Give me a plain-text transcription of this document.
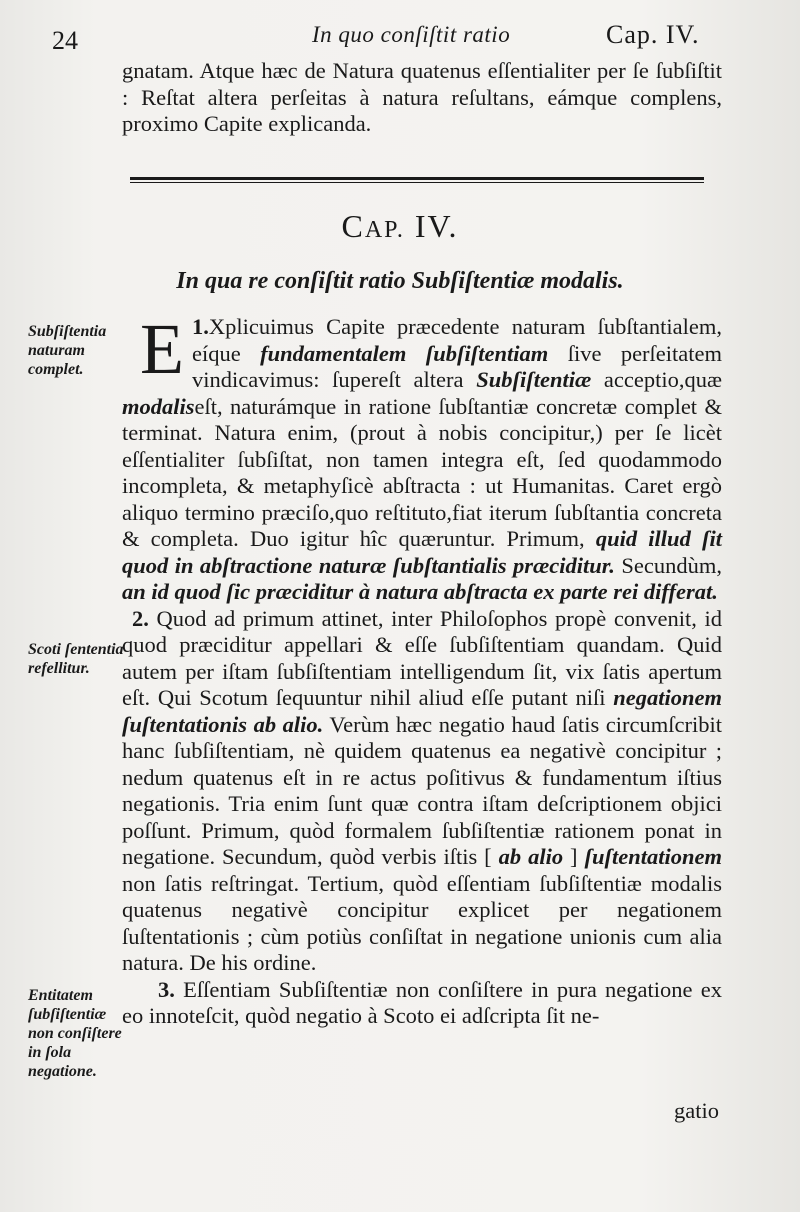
24	In quo conſiſtit ratio	Cap. IV.

gnatam. Atque hæc de Natura quatenus eſſentialiter per ſe ſubſiſtit : Reſtat altera perſeitas à natura reſultans, eámque complens, proximo Capite explicanda.

CAP. IV.
In qua re conſiſtit ratio Subſiſtentiæ modalis.
Subſiſtentia naturam complet.
Scoti ſententia refellitur.
Entitatem ſubſiſtentiæ non conſiſtere in ſola negatione.

1.
E	Xplicuimus Capite præcedente naturam ſubſtantialem, eíque fundamentalem ſubſiſtentiam ſive perſeitatem vindicavimus: ſupereſt altera Subſiſtentiæ acceptio,quæ modaliseſt, naturámque in ratione ſubſtantiæ concretæ complet & terminat. Natura enim, (prout à nobis concipitur,) per ſe licèt eſſentialiter ſubſiſtat, non tamen integra eſt, ſed quodammodo incompleta, & metaphyſicè abſtracta : ut Humanitas. Caret ergò aliquo termino præciſo,quo reſtituto,fiat iterum ſubſtantia concreta & completa. Duo igitur hîc quæruntur. Primum, quid illud ſit quod in abſtractione naturæ ſubſtantialis præciditur. Secundùm, an id quod ſic præciditur à natura abſtracta ex parte rei differat.

2. Quod ad primum attinet, inter Philoſophos propè convenit, id quod præciditur appellari & eſſe ſubſiſtentiam quandam. Quid autem per iſtam ſubſiſtentiam intelligendum ſit, vix ſatis apertum eſt. Qui Scotum ſequuntur nihil aliud eſſe putant niſi negationem ſuſtentationis ab alio. Verùm hæc negatio haud ſatis circumſcribit hanc ſubſiſtentiam, nè quidem quatenus ea negativè concipitur ; nedum quatenus eſt in re actus poſitivus & fundamentum iſtius negationis. Tria enim ſunt quæ contra iſtam deſcriptionem objici poſſunt. Primum, quòd formalem ſubſiſtentiæ rationem ponat in negatione. Secundum, quòd verbis iſtis [ ab alio ] ſuſtentationem non ſatis reſtringat. Tertium, quòd eſſentiam ſubſiſtentiæ modalis quatenus negativè concipitur explicet per negationem ſuſtentationis ; cùm potiùs conſiſtat in negatione unionis cum alia natura. De his ordine.

3. Eſſentiam Subſiſtentiæ non conſiſtere in pura negatione ex eo innoteſcit, quòd negatio à Scoto ei adſcripta ſit ne-

gatio
